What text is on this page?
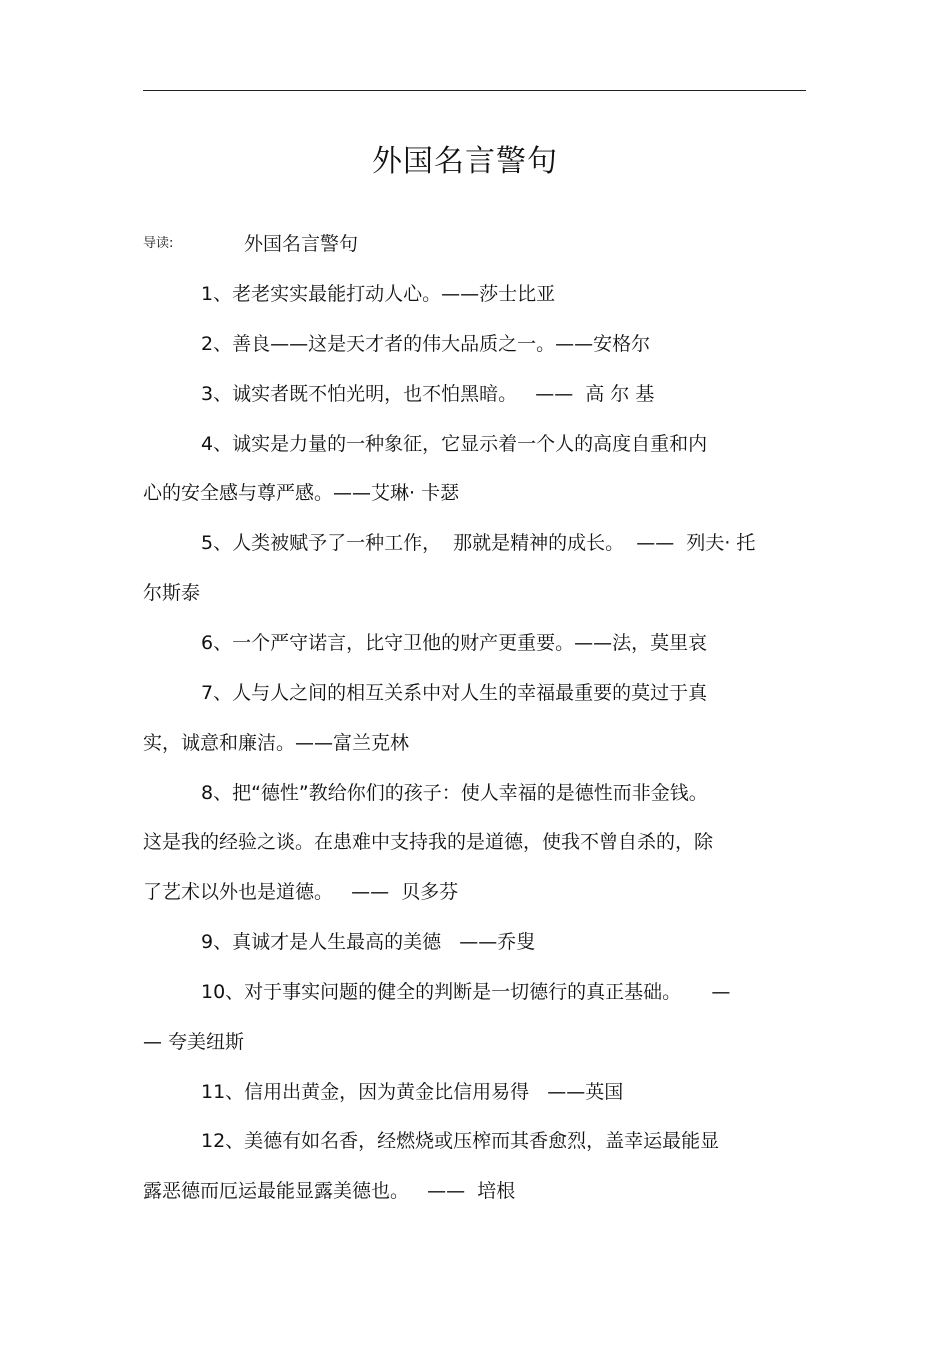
外国名言警句
导读:	外国名言警句
1、老老实实最能打动人心。——莎士比亚
2、善良——这是天才者的伟大品质之一。——安格尔
3、诚实者既不怕光明，也不怕黑暗。   ——  高 尔 基
4、诚实是力量的一种象征，它显示着一个人的高度自重和内
心的安全感与尊严感。——艾琳· 卡瑟
5、人类被赋予了一种工作，  那就是精神的成长。  ——  列夫· 托
尔斯泰
6、一个严守诺言，比守卫他的财产更重要。——法，莫里哀
7、人与人之间的相互关系中对人生的幸福最重要的莫过于真
实，诚意和廉洁。——富兰克林
8、把“德性”教给你们的孩子：使人幸福的是德性而非金钱。
这是我的经验之谈。在患难中支持我的是道德，使我不曾自杀的，除
了艺术以外也是道德。   ——  贝多芬
9、真诚才是人生最高的美德   ——乔叟
10、对于事实问题的健全的判断是一切德行的真正基础。     —
— 夸美纽斯
11、信用出黄金，因为黄金比信用易得   ——英国
12、美德有如名香，经燃烧或压榨而其香愈烈，盖幸运最能显
露恶德而厄运最能显露美德也。   ——  培根
